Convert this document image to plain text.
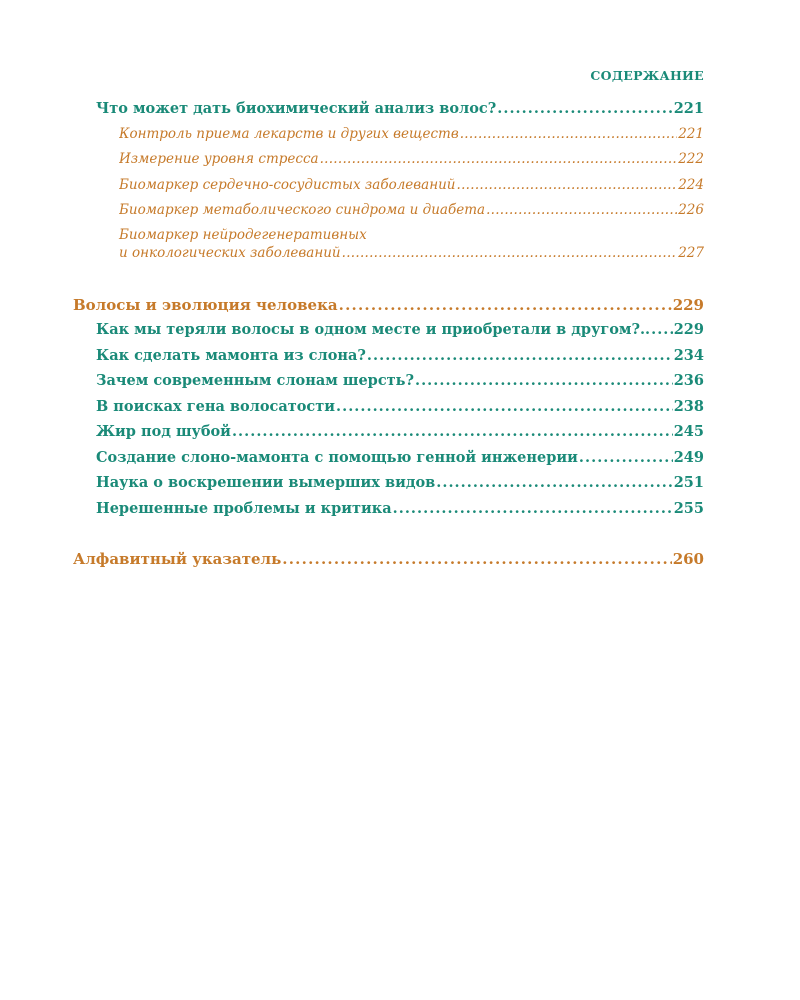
СОДЕРЖАНИЕ
Что может дать биохимический анализ волос? . . .	221
Контроль приема лекарств и других веществ . . .	221
Измерение уровня стресса . . .	222
Биомаркер сердечно-сосудистых заболеваний . . .	224
Биомаркер метаболического синдрома и диабета . . .	226
Биомаркер нейродегенеративных
и онкологических заболеваний . . .	227
Волосы и эволюция человека . . .	229
Как мы теряли волосы в одном месте и приобретали в другом?.. . . . 229
Как сделать мамонта из слона? . . .	234
Зачем современным слонам шерсть? . . .	236
В поисках гена волосатости . . .	238
Жир под шубой . . .	245
Создание слоно-мамонта с помощью генной инженерии . . .	249
Наука о воскрешении вымерших видов . . .	251
Нерешенные проблемы и критика . . .	255
Алфавитный указатель . . .	260
